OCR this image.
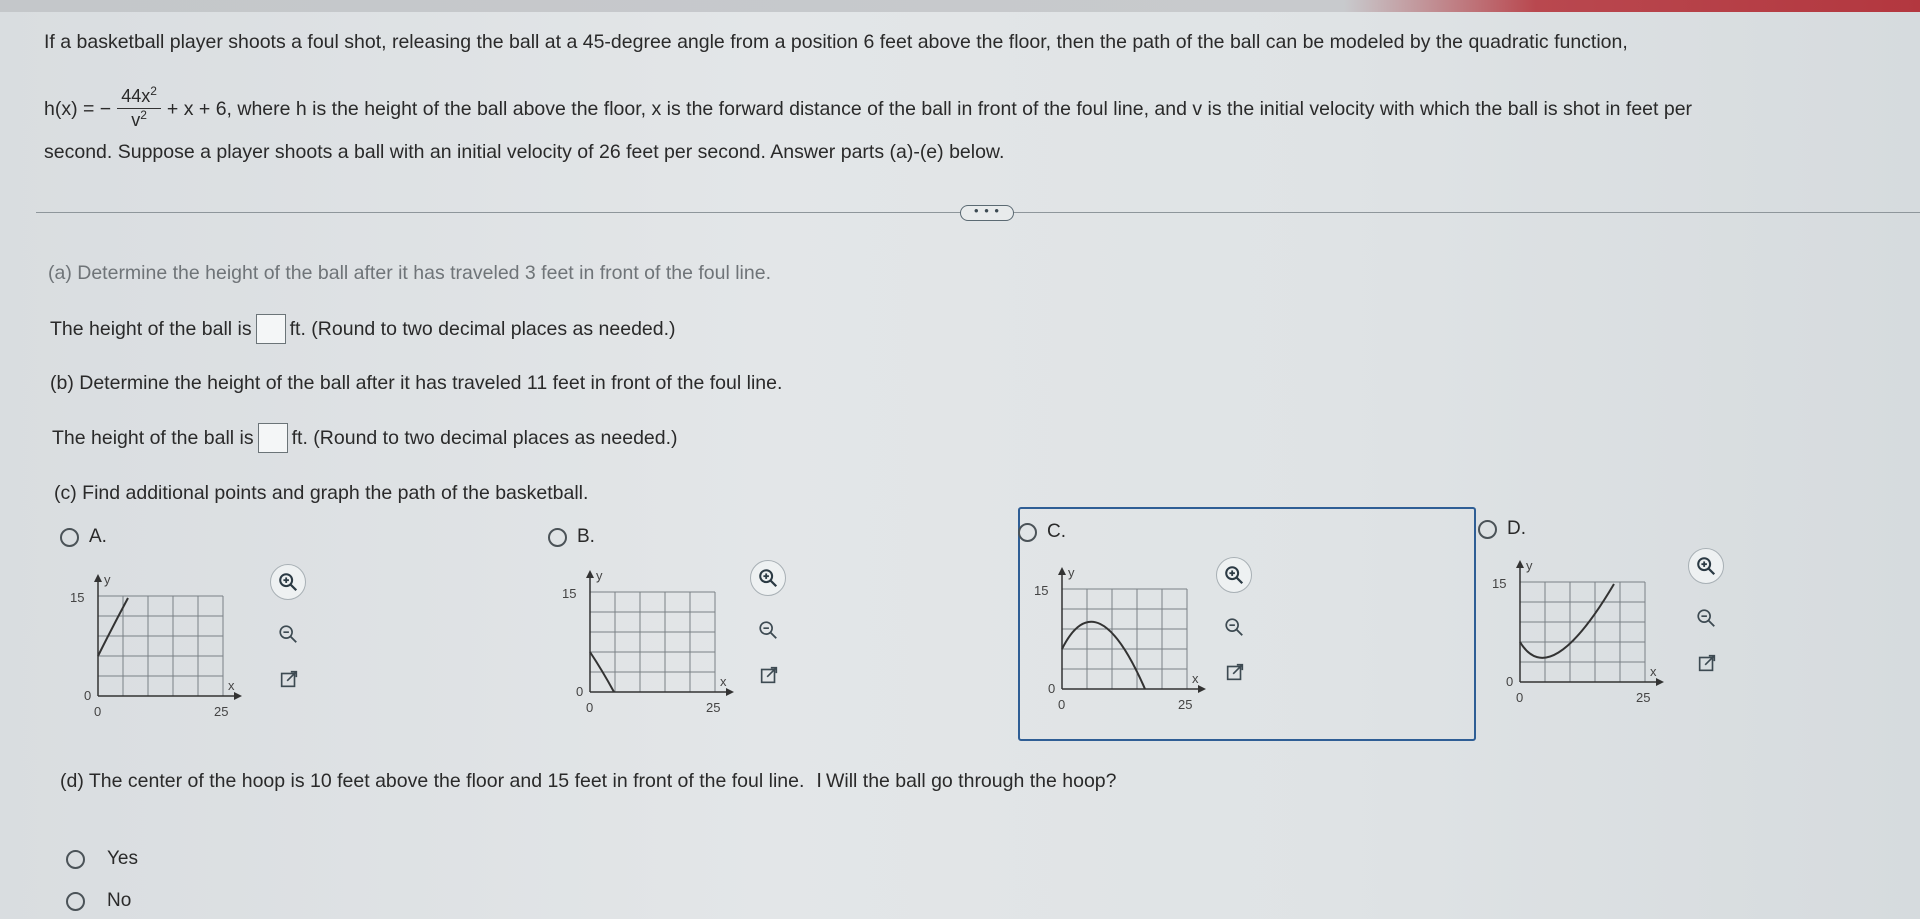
If a basketball player shoots a foul shot, releasing the ball at a 45-degree angle from a position 6 feet above the floor, then the path of the ball can be modeled by the quadratic function,
h(x) = − $\frac{44x^2}{v^2} + x + 6$, where h is the height of the ball above the floor, x is the forward distance of the ball in front of the foul line, and v is the initial velocity with which the ball is shot in feet per
second. Suppose a player shoots a ball with an initial velocity of 26 feet per second. Answer parts (a)-(e) below.
• • •
(a) Determine the height of the ball after it has traveled 3 feet in front of the foul line.
The height of the ball is ft. (Round to two decimal places as needed.)
(b) Determine the height of the ball after it has traveled 11 feet in front of the foul line.
The height of the ball is ft. (Round to two decimal places as needed.)
(c) Find additional points and graph the path of the basketball.
A.
y
15
0
0	25
x
B.
y
15
0
0	25
x
C.
y
15
0
0	25
x
D.
y
15
0
0	25
x
(d) The center of the hoop is 10 feet above the floor and 15 feet in front of the foul line. I Will the ball go through the hoop?
Yes
No
